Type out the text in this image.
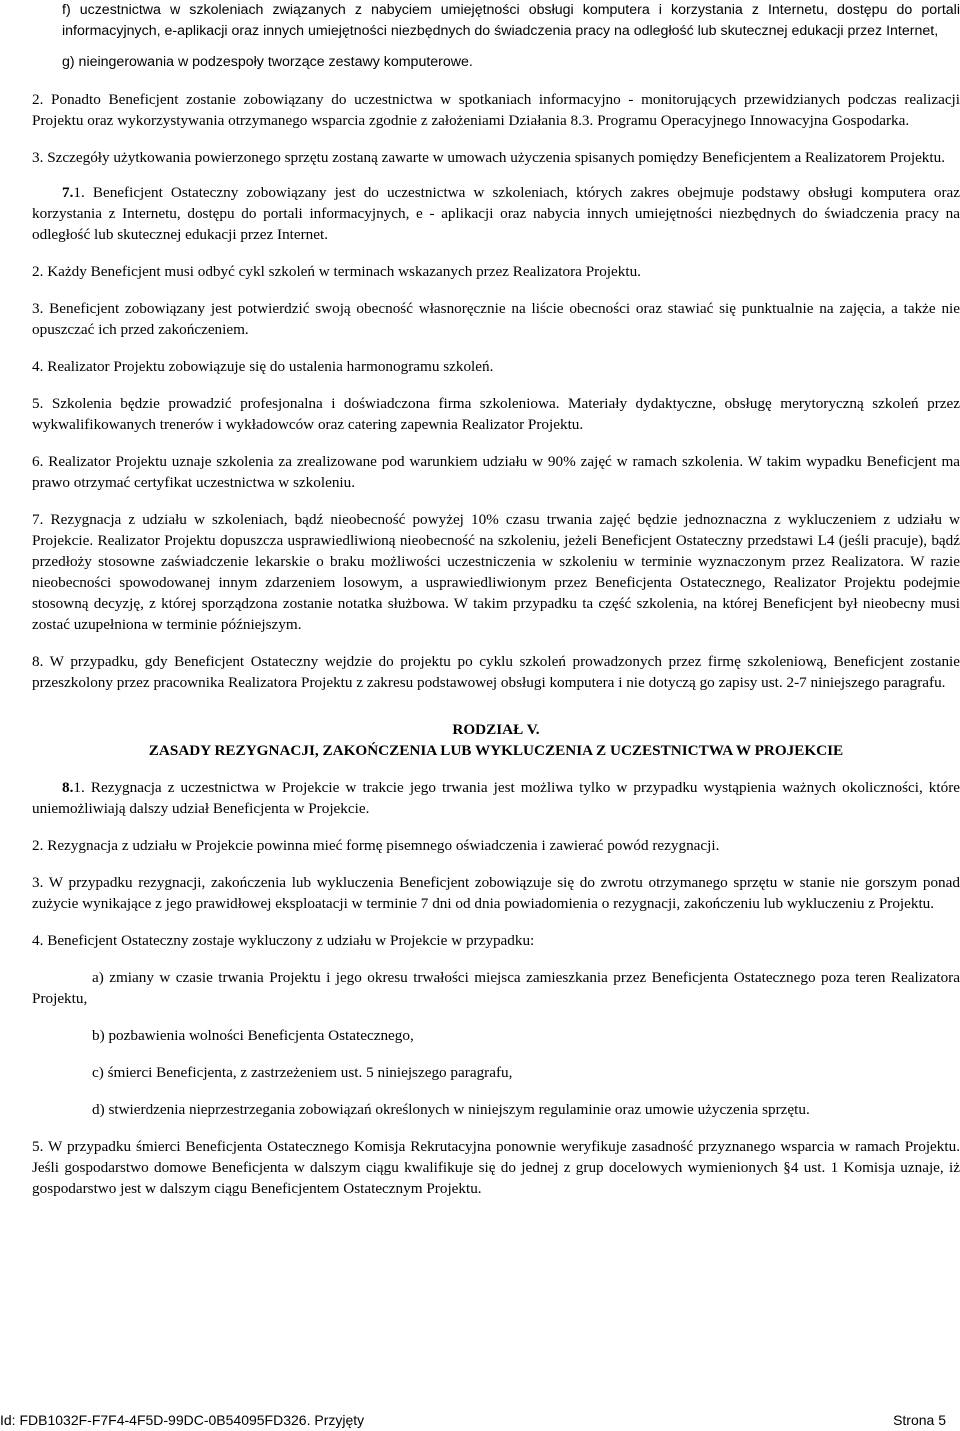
f) uczestnictwa w szkoleniach związanych z nabyciem umiejętności obsługi komputera i korzystania z Internetu, dostępu do portali informacyjnych, e-aplikacji oraz innych umiejętności niezbędnych do świadczenia pracy na odległość lub skutecznej edukacji przez Internet,

g) nieingerowania w podzespoły tworzące zestawy komputerowe.

2. Ponadto Beneficjent zostanie zobowiązany do uczestnictwa w spotkaniach informacyjno - monitorujących przewidzianych podczas realizacji Projektu oraz wykorzystywania otrzymanego wsparcia zgodnie z założeniami Działania 8.3. Programu Operacyjnego Innowacyjna Gospodarka.

3. Szczegóły użytkowania powierzonego sprzętu zostaną zawarte w umowach użyczenia spisanych pomiędzy Beneficjentem a Realizatorem Projektu.

7.1. Beneficjent Ostateczny zobowiązany jest do uczestnictwa w szkoleniach, których zakres obejmuje podstawy obsługi komputera oraz korzystania z Internetu, dostępu do portali informacyjnych, e - aplikacji oraz nabycia innych umiejętności niezbędnych do świadczenia pracy na odległość lub skutecznej edukacji przez Internet.

2. Każdy Beneficjent musi odbyć cykl szkoleń w terminach wskazanych przez Realizatora Projektu.

3. Beneficjent zobowiązany jest potwierdzić swoją obecność własnoręcznie na liście obecności oraz stawiać się punktualnie na zajęcia, a także nie opuszczać ich przed zakończeniem.

4. Realizator Projektu zobowiązuje się do ustalenia harmonogramu szkoleń.

5. Szkolenia będzie prowadzić profesjonalna i doświadczona firma szkoleniowa. Materiały dydaktyczne, obsługę merytoryczną szkoleń przez wykwalifikowanych trenerów i wykładowców oraz catering zapewnia Realizator Projektu.

6. Realizator Projektu uznaje szkolenia za zrealizowane pod warunkiem udziału w 90% zajęć w ramach szkolenia. W takim wypadku Beneficjent ma prawo otrzymać certyfikat uczestnictwa w szkoleniu.

7. Rezygnacja z udziału w szkoleniach, bądź nieobecność powyżej 10% czasu trwania zajęć będzie jednoznaczna z wykluczeniem z udziału w Projekcie. Realizator Projektu dopuszcza usprawiedliwioną nieobecność na szkoleniu, jeżeli Beneficjent Ostateczny przedstawi L4 (jeśli pracuje), bądź przedłoży stosowne zaświadczenie lekarskie o braku możliwości uczestniczenia w szkoleniu w terminie wyznaczonym przez Realizatora. W razie nieobecności spowodowanej innym zdarzeniem losowym, a usprawiedliwionym przez Beneficjenta Ostatecznego, Realizator Projektu podejmie stosowną decyzję, z której sporządzona zostanie notatka służbowa. W takim przypadku ta część szkolenia, na której Beneficjent był nieobecny musi zostać uzupełniona w terminie późniejszym.

8. W przypadku, gdy Beneficjent Ostateczny wejdzie do projektu po cyklu szkoleń prowadzonych przez firmę szkoleniową, Beneficjent zostanie przeszkolony przez pracownika Realizatora Projektu z zakresu podstawowej obsługi komputera i nie dotyczą go zapisy ust. 2-7 niniejszego paragrafu.

RODZIAŁ V.

ZASADY REZYGNACJI, ZAKOŃCZENIA LUB WYKLUCZENIA Z UCZESTNICTWA W PROJEKCIE

8.1. Rezygnacja z uczestnictwa w Projekcie w trakcie jego trwania jest możliwa tylko w przypadku wystąpienia ważnych okoliczności, które uniemożliwiają dalszy udział Beneficjenta w Projekcie.

2. Rezygnacja z udziału w Projekcie powinna mieć formę pisemnego oświadczenia i zawierać powód rezygnacji.

3. W przypadku rezygnacji, zakończenia lub wykluczenia Beneficjent zobowiązuje się do zwrotu otrzymanego sprzętu w stanie nie gorszym ponad zużycie wynikające z jego prawidłowej eksploatacji w terminie 7 dni od dnia powiadomienia o rezygnacji, zakończeniu lub wykluczeniu z Projektu.

4. Beneficjent Ostateczny zostaje wykluczony z udziału w Projekcie w przypadku:

a) zmiany w czasie trwania Projektu i jego okresu trwałości miejsca zamieszkania przez Beneficjenta Ostatecznego poza teren Realizatora Projektu,

b) pozbawienia wolności Beneficjenta Ostatecznego,

c) śmierci Beneficjenta, z zastrzeżeniem ust. 5 niniejszego paragrafu,

d) stwierdzenia nieprzestrzegania zobowiązań określonych w niniejszym regulaminie oraz umowie użyczenia sprzętu.

5. W przypadku śmierci Beneficjenta Ostatecznego Komisja Rekrutacyjna ponownie weryfikuje zasadność przyznanego wsparcia w ramach Projektu. Jeśli gospodarstwo domowe Beneficjenta w dalszym ciągu kwalifikuje się do jednej z grup docelowych wymienionych §4 ust. 1 Komisja uznaje, iż gospodarstwo jest w dalszym ciągu Beneficjentem Ostatecznym Projektu.

Id: FDB1032F-F7F4-4F5D-99DC-0B54095FD326. Przyjęty	Strona 5
